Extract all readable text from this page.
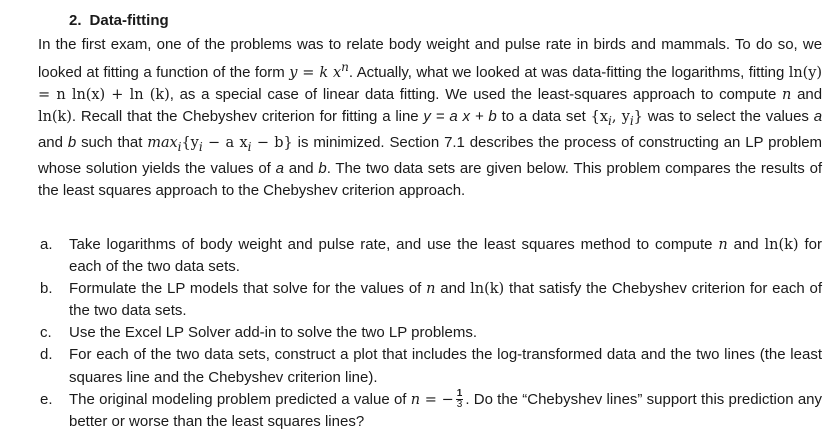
2. Data-fitting
In the first exam, one of the problems was to relate body weight and pulse rate in birds and mammals. To do so, we looked at fitting a function of the form y = k $x^n$. Actually, what we looked at was data-fitting the logarithms, fitting ln(y) = n ln(x) + ln (k), as a special case of linear data fitting. We used the least-squares approach to compute n and ln(k). Recall that the Chebyshev criterion for fitting a line y = a x + b to a data set {$x_i$, $y_i$} was to select the values a and b such that $\max_i\{y_i - a$ $x_i - b$} is minimized. Section 7.1 describes the process of constructing an LP problem whose solution yields the values of a and b. The two data sets are given below. This problem compares the results of the least squares approach to the Chebyshev criterion approach.
a. Take logarithms of body weight and pulse rate, and use the least squares method to compute n and ln(k) for each of the two data sets.
b. Formulate the LP models that solve for the values of n and ln(k) that satisfy the Chebyshev criterion for each of the two data sets.
c. Use the Excel LP Solver add-in to solve the two LP problems.
d. For each of the two data sets, construct a plot that includes the log-transformed data and the two lines (the least squares line and the Chebyshev criterion line).
e. The original modeling problem predicted a value of n = − $\frac{1}{3}$ . Do the “Chebyshev lines” support this prediction any better or worse than the least squares lines?
